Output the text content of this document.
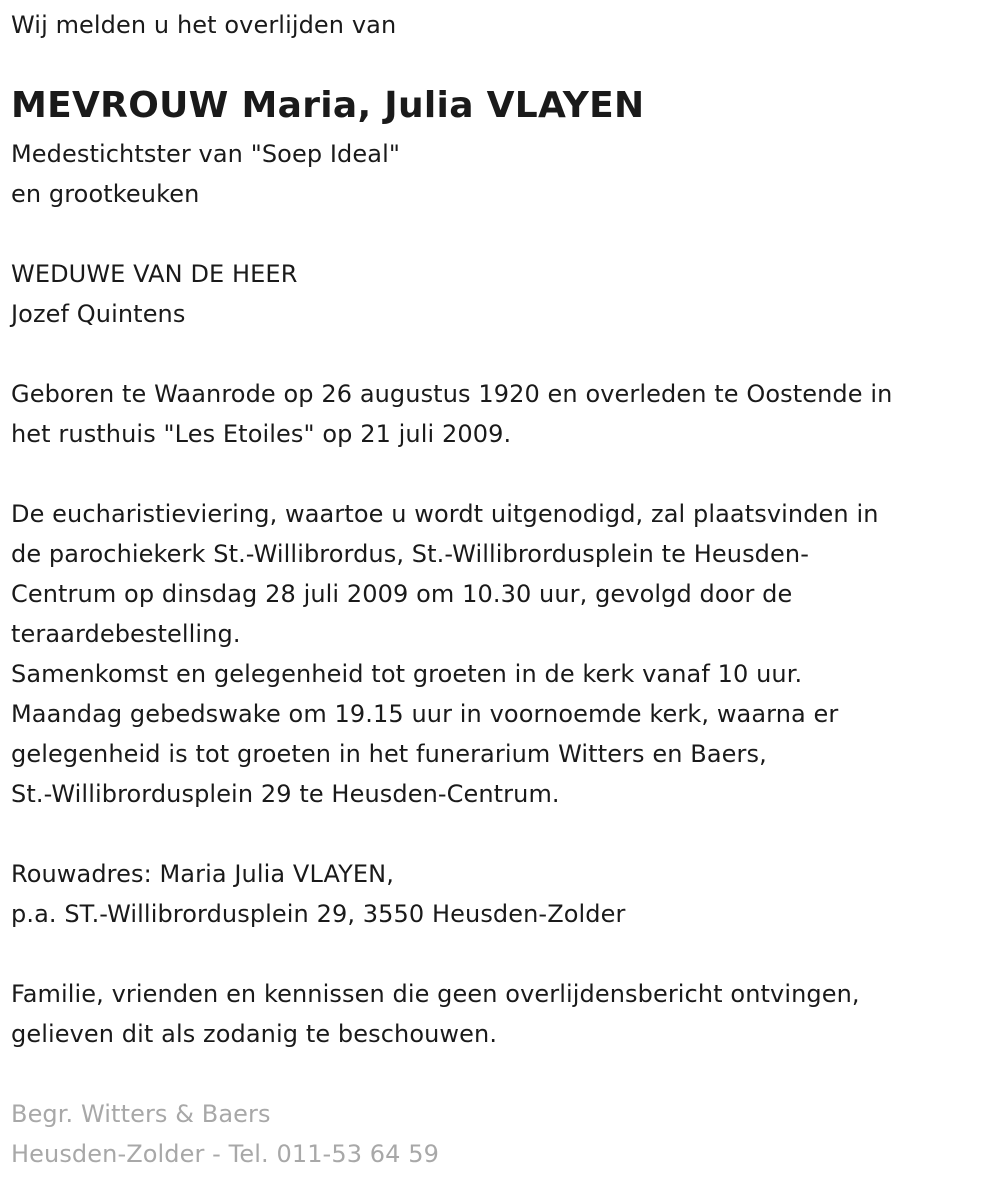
Wij melden u het overlijden van
MEVROUW Maria, Julia VLAYEN
Medestichtster van "Soep Ideal"
en grootkeuken
WEDUWE VAN DE HEER
Jozef Quintens
Geboren te Waanrode op 26 augustus 1920 en overleden te Oostende in
het rusthuis "Les Etoiles" op 21 juli 2009.
De eucharistieviering, waartoe u wordt uitgenodigd, zal plaatsvinden in
de parochiekerk St.-Willibrordus, St.-Willibrordusplein te Heusden-
Centrum op dinsdag 28 juli 2009 om 10.30 uur, gevolgd door de
teraardebestelling.
Samenkomst en gelegenheid tot groeten in de kerk vanaf 10 uur.
Maandag gebedswake om 19.15 uur in voornoemde kerk, waarna er
gelegenheid is tot groeten in het funerarium Witters en Baers,
St.-Willibrordusplein 29 te Heusden-Centrum.
Rouwadres: Maria Julia VLAYEN,
p.a. ST.-Willibrordusplein 29, 3550 Heusden-Zolder
Familie, vrienden en kennissen die geen overlijdensbericht ontvingen,
gelieven dit als zodanig te beschouwen.
Begr. Witters & Baers
Heusden-Zolder - Tel. 011-53 64 59
